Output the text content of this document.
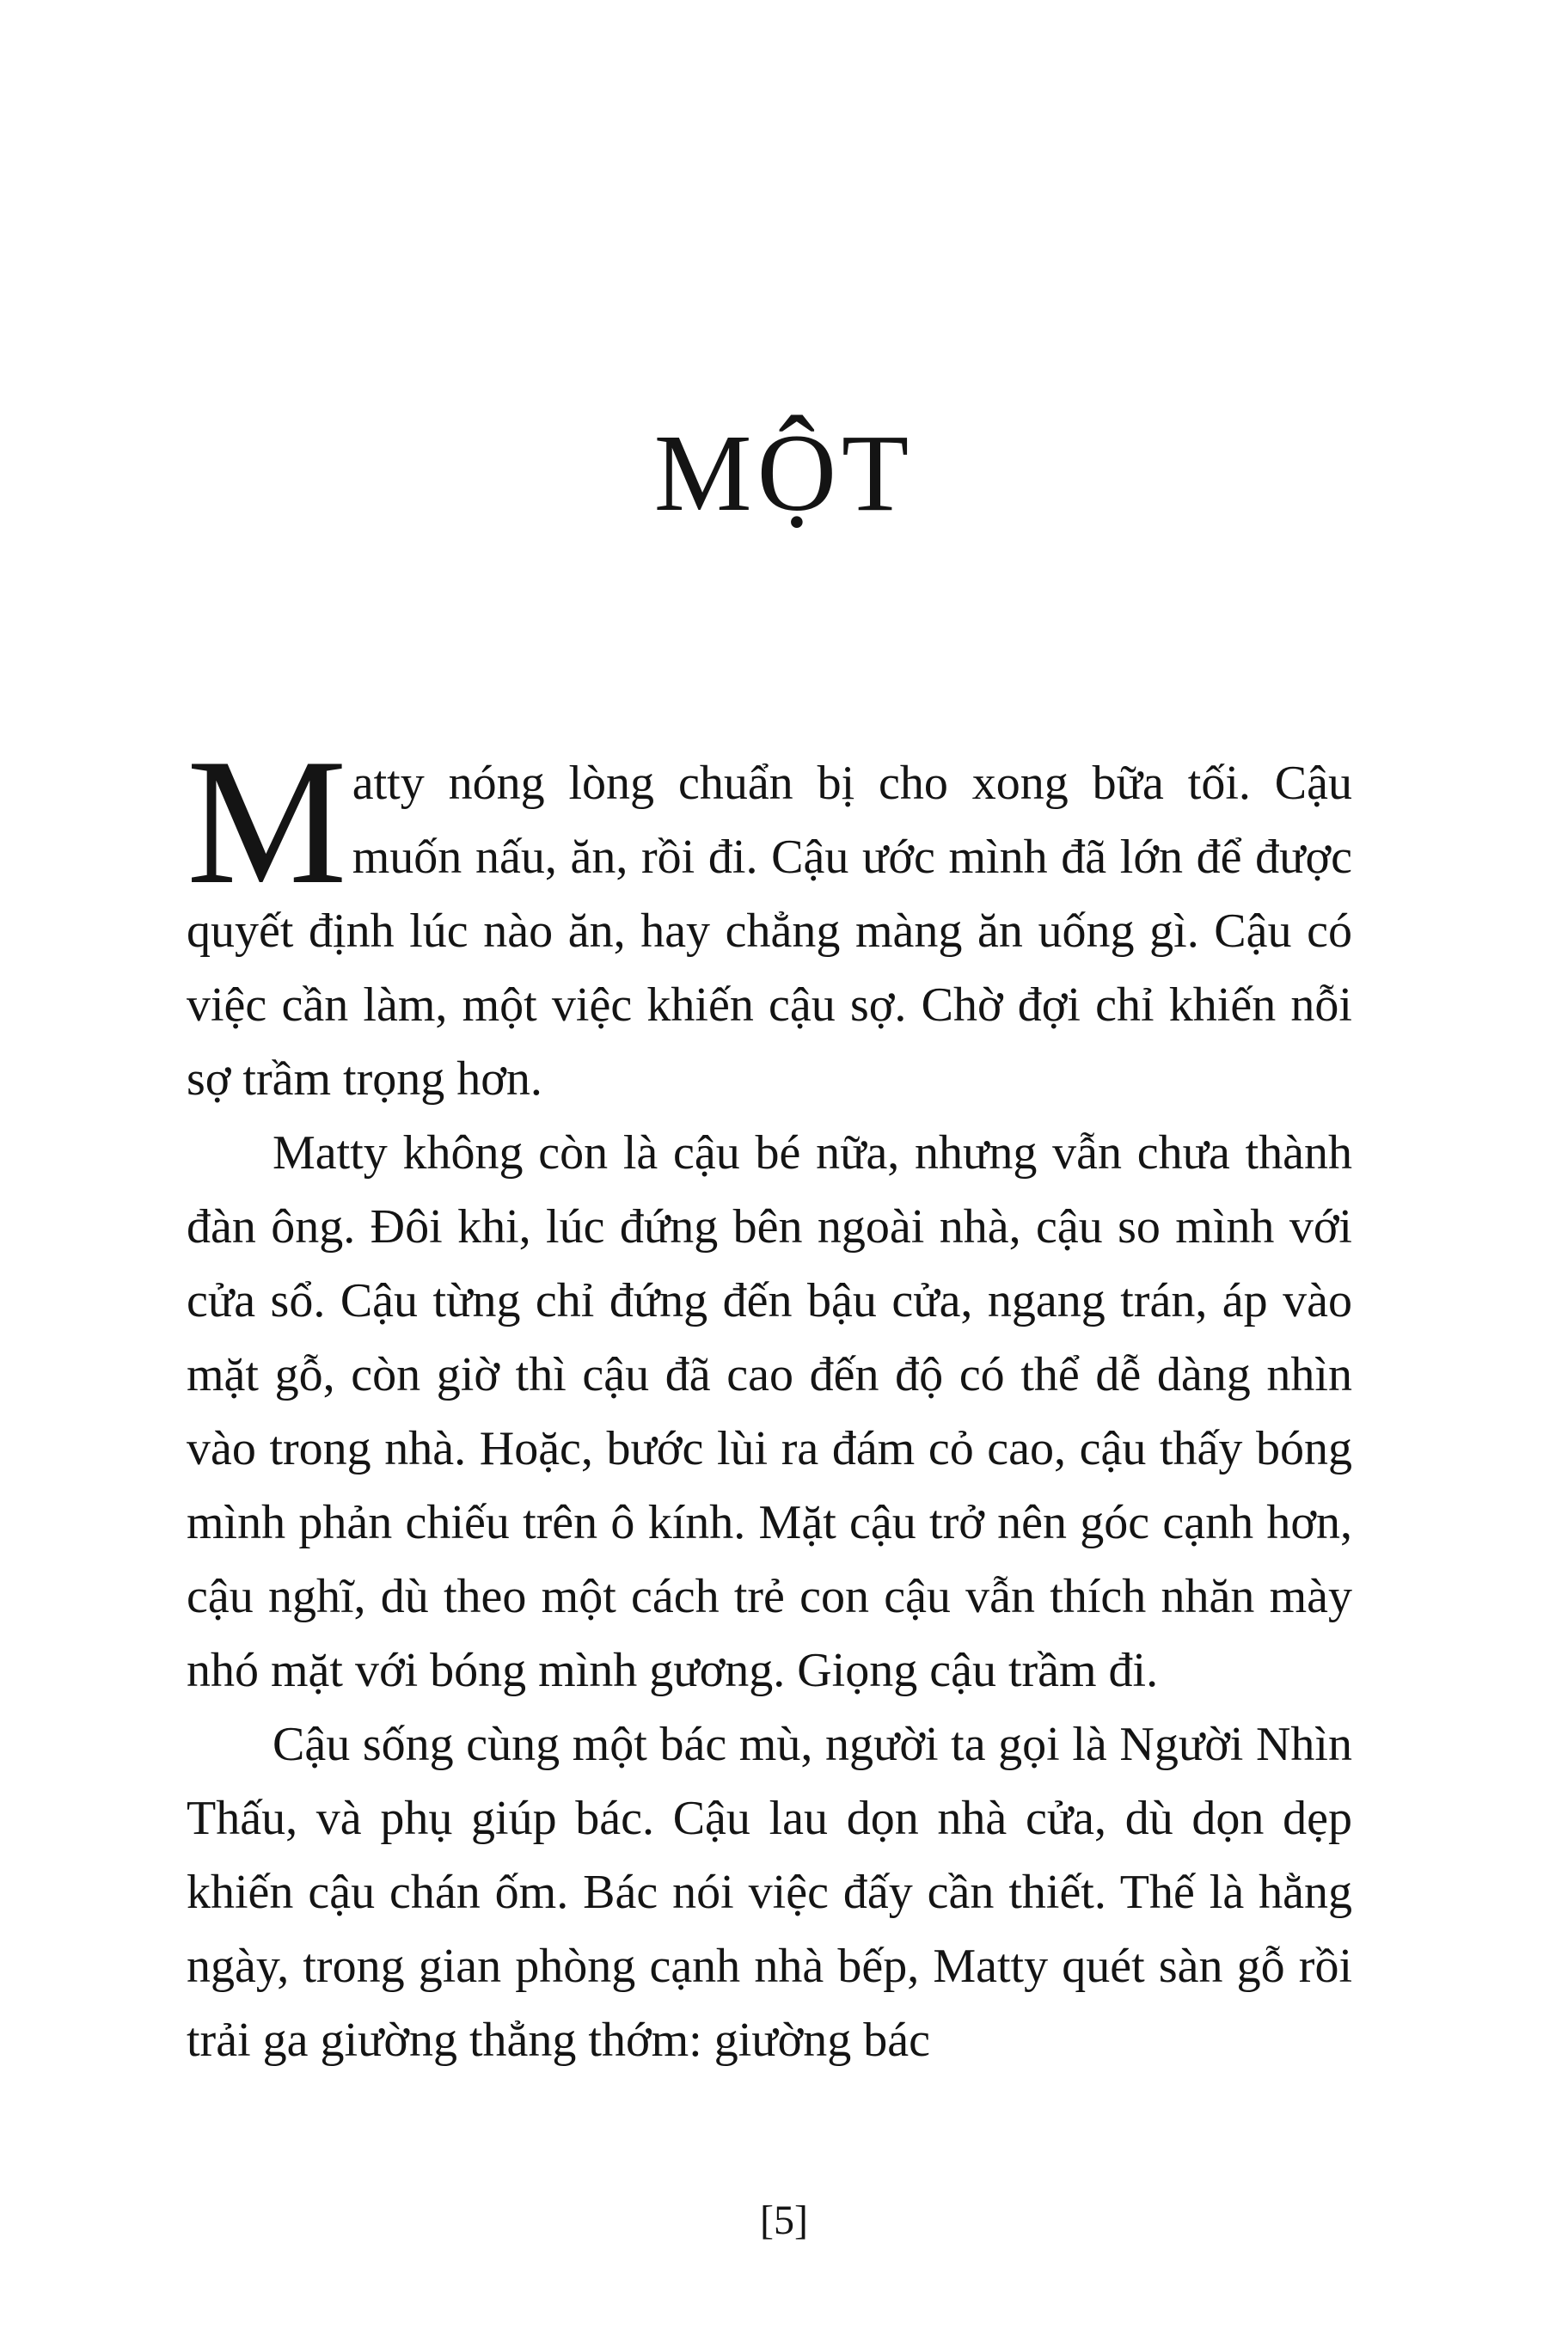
MỘT

Matty nóng lòng chuẩn bị cho xong bữa tối. Cậu muốn nấu, ăn, rồi đi. Cậu ước mình đã lớn để được quyết định lúc nào ăn, hay chẳng màng ăn uống gì. Cậu có việc cần làm, một việc khiến cậu sợ. Chờ đợi chỉ khiến nỗi sợ trầm trọng hơn.

Matty không còn là cậu bé nữa, nhưng vẫn chưa thành đàn ông. Đôi khi, lúc đứng bên ngoài nhà, cậu so mình với cửa sổ. Cậu từng chỉ đứng đến bậu cửa, ngang trán, áp vào mặt gỗ, còn giờ thì cậu đã cao đến độ có thể dễ dàng nhìn vào trong nhà. Hoặc, bước lùi ra đám cỏ cao, cậu thấy bóng mình phản chiếu trên ô kính. Mặt cậu trở nên góc cạnh hơn, cậu nghĩ, dù theo một cách trẻ con cậu vẫn thích nhăn mày nhó mặt với bóng mình gương. Giọng cậu trầm đi.

Cậu sống cùng một bác mù, người ta gọi là Người Nhìn Thấu, và phụ giúp bác. Cậu lau dọn nhà cửa, dù dọn dẹp khiến cậu chán ốm. Bác nói việc đấy cần thiết. Thế là hằng ngày, trong gian phòng cạnh nhà bếp, Matty quét sàn gỗ rồi trải ga giường thẳng thớm: giường bác

[5]
